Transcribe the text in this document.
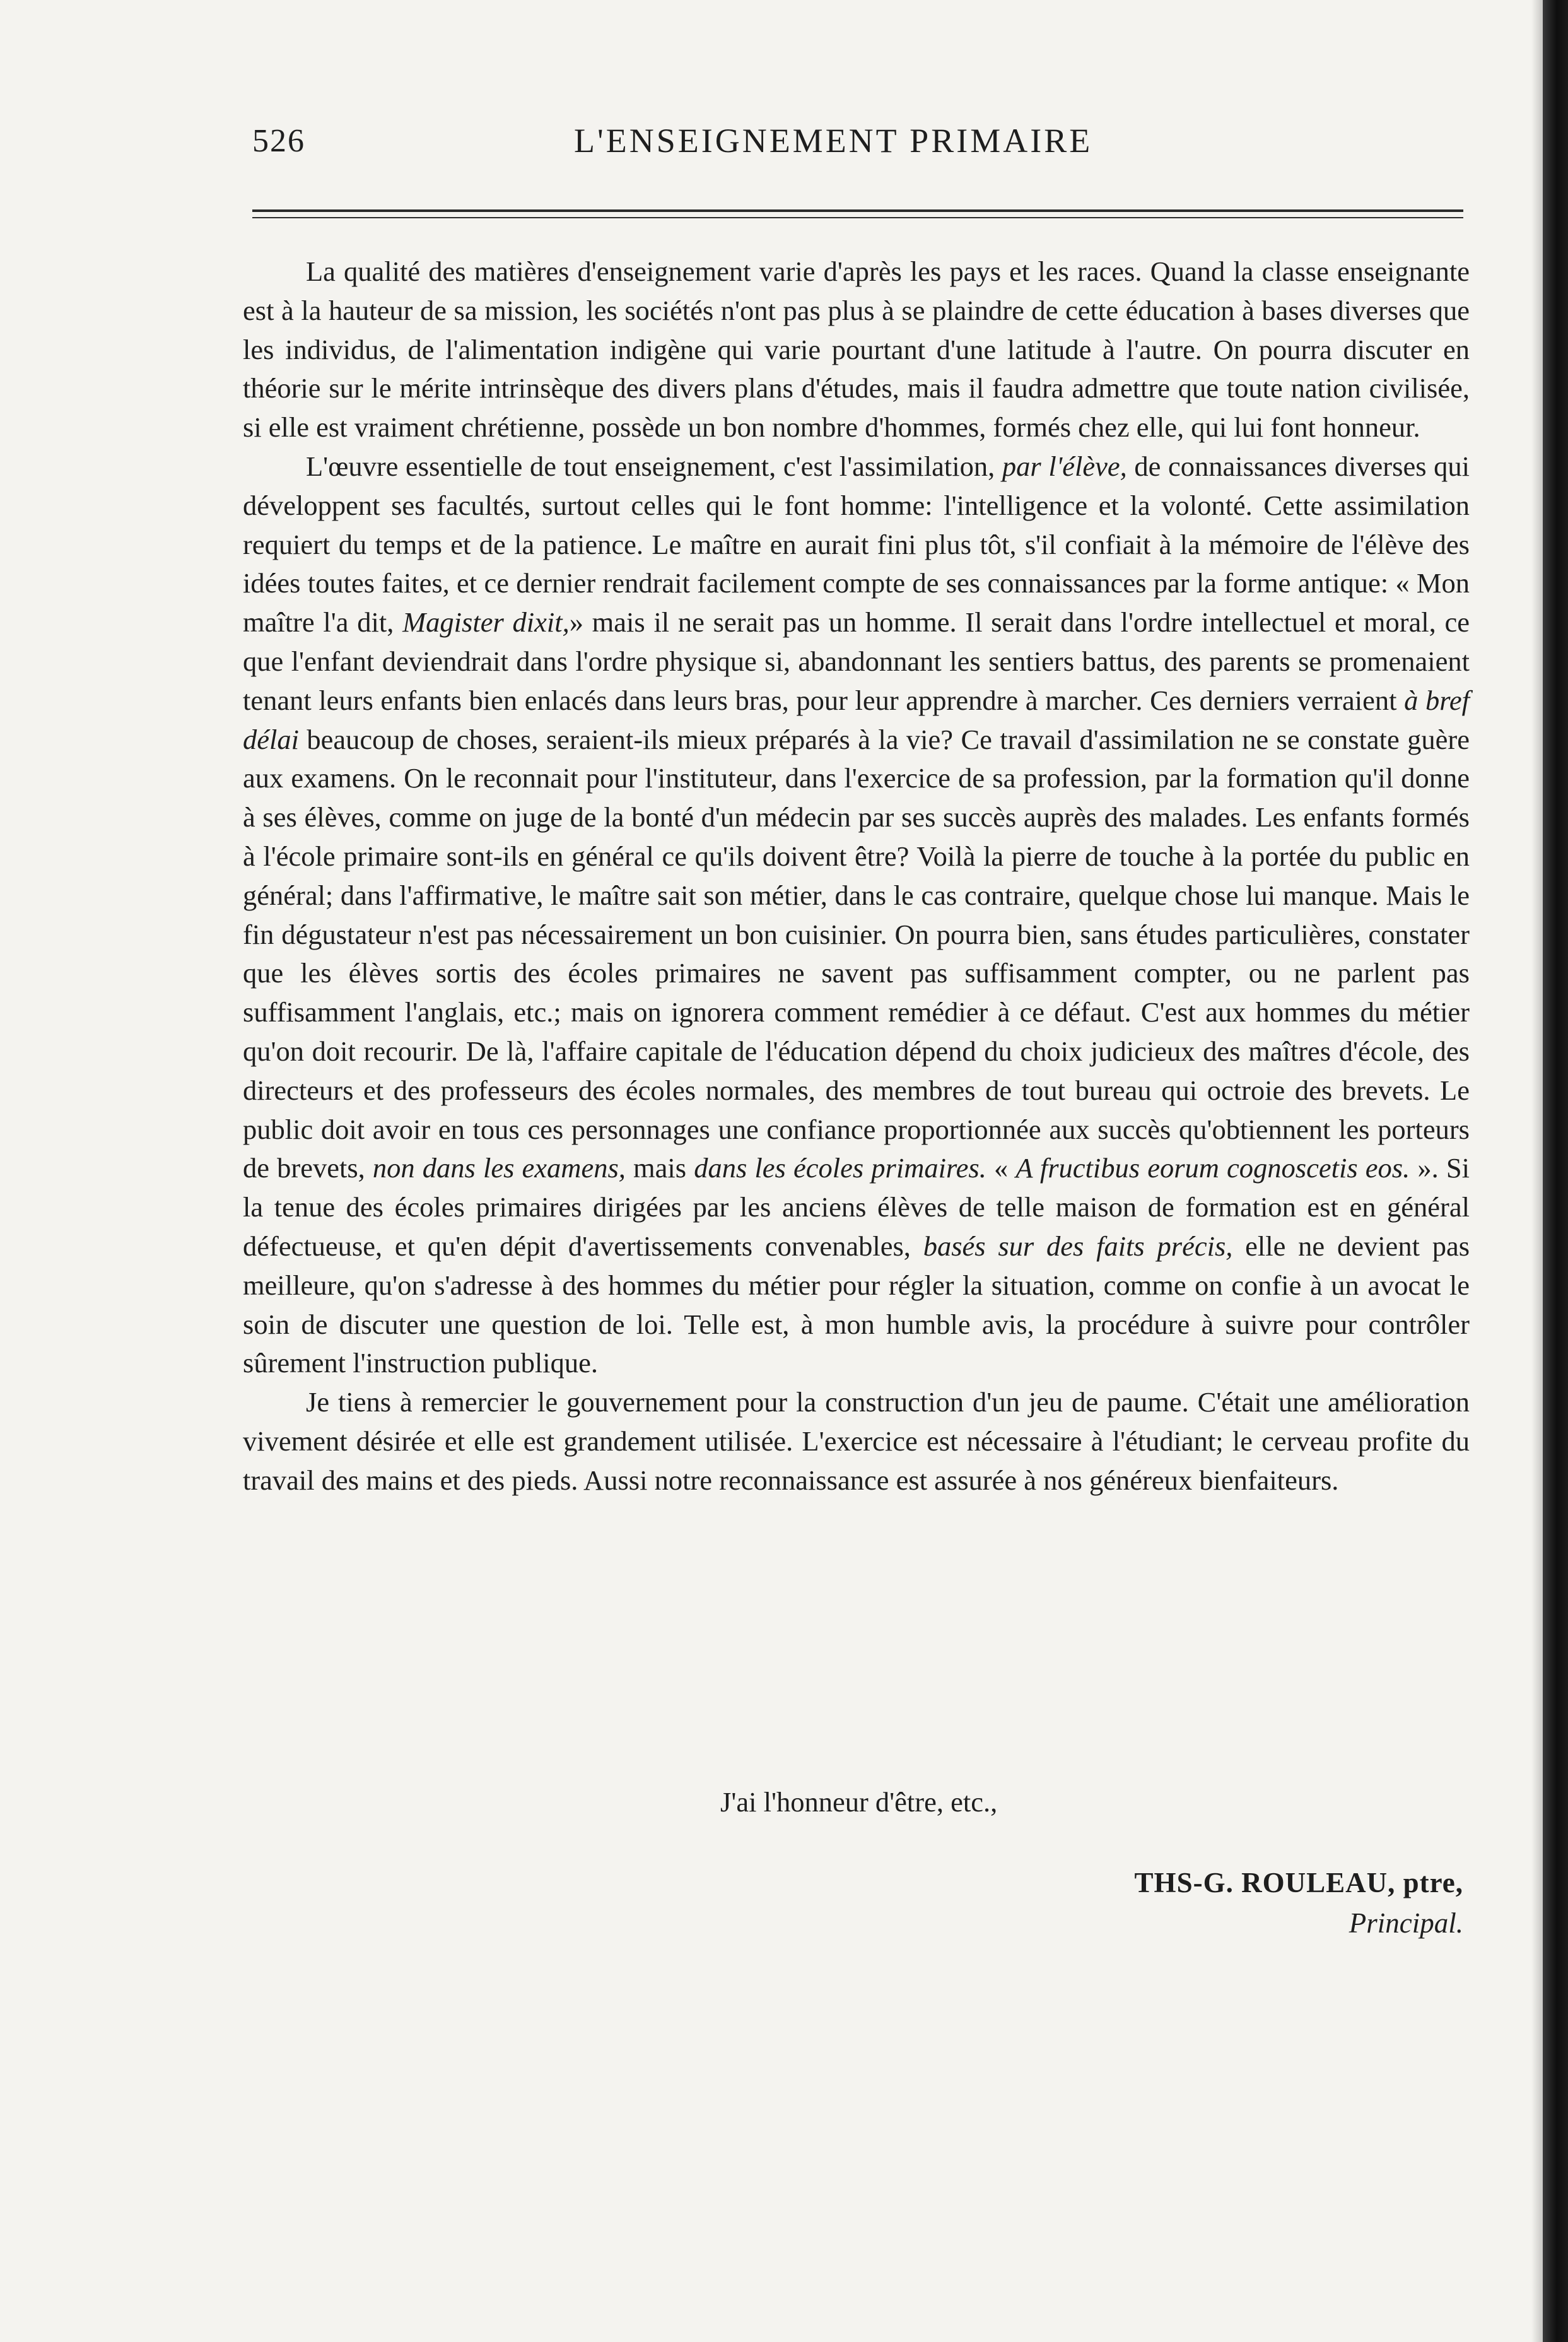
526	L'ENSEIGNEMENT PRIMAIRE

La qualité des matières d'enseignement varie d'après les pays et les races. Quand la classe enseignante est à la hauteur de sa mission, les sociétés n'ont pas plus à se plaindre de cette éducation à bases diverses que les individus, de l'alimentation indigène qui varie pourtant d'une latitude à l'autre. On pourra discuter en théorie sur le mérite intrinsèque des divers plans d'études, mais il faudra admettre que toute nation civilisée, si elle est vraiment chrétienne, possède un bon nombre d'hommes, formés chez elle, qui lui font honneur.

L'œuvre essentielle de tout enseignement, c'est l'assimilation, par l'élève, de connaissances diverses qui développent ses facultés, surtout celles qui le font homme: l'intelligence et la volonté. Cette assimilation requiert du temps et de la patience. Le maître en aurait fini plus tôt, s'il confiait à la mémoire de l'élève des idées toutes faites, et ce dernier rendrait facilement compte de ses connaissances par la forme antique: « Mon maître l'a dit, Magister dixit,» mais il ne serait pas un homme. Il serait dans l'ordre intellectuel et moral, ce que l'enfant deviendrait dans l'ordre physique si, abandonnant les sentiers battus, des parents se promenaient tenant leurs enfants bien enlacés dans leurs bras, pour leur apprendre à marcher. Ces derniers verraient à bref délai beaucoup de choses, seraient-ils mieux préparés à la vie? Ce travail d'assimilation ne se constate guère aux examens. On le reconnait pour l'instituteur, dans l'exercice de sa profession, par la formation qu'il donne à ses élèves, comme on juge de la bonté d'un médecin par ses succès auprès des malades. Les enfants formés à l'école primaire sont-ils en général ce qu'ils doivent être? Voilà la pierre de touche à la portée du public en général; dans l'affirmative, le maître sait son métier, dans le cas contraire, quelque chose lui manque. Mais le fin dégustateur n'est pas nécessairement un bon cuisinier. On pourra bien, sans études particulières, constater que les élèves sortis des écoles primaires ne savent pas suffisamment compter, ou ne parlent pas suffisamment l'anglais, etc.; mais on ignorera comment remédier à ce défaut. C'est aux hommes du métier qu'on doit recourir. De là, l'affaire capitale de l'éducation dépend du choix judicieux des maîtres d'école, des directeurs et des professeurs des écoles normales, des membres de tout bureau qui octroie des brevets. Le public doit avoir en tous ces personnages une confiance proportionnée aux succès qu'obtiennent les porteurs de brevets, non dans les examens, mais dans les écoles primaires. « A fructibus eorum cognoscetis eos. ». Si la tenue des écoles primaires dirigées par les anciens élèves de telle maison de formation est en général défectueuse, et qu'en dépit d'avertissements convenables, basés sur des faits précis, elle ne devient pas meilleure, qu'on s'adresse à des hommes du métier pour régler la situation, comme on confie à un avocat le soin de discuter une question de loi. Telle est, à mon humble avis, la procédure à suivre pour contrôler sûrement l'instruction publique.

Je tiens à remercier le gouvernement pour la construction d'un jeu de paume. C'était une amélioration vivement désirée et elle est grandement utilisée. L'exercice est nécessaire à l'étudiant; le cerveau profite du travail des mains et des pieds. Aussi notre reconnaissance est assurée à nos généreux bienfaiteurs.

J'ai l'honneur d'être, etc.,
THS-G. ROULEAU, ptre,
Principal.
